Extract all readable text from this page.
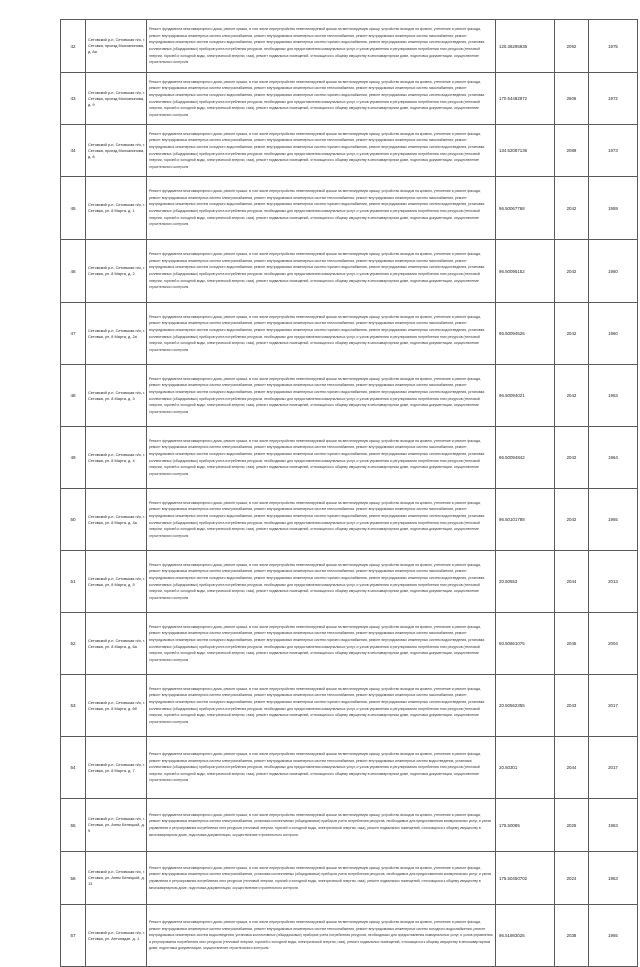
42	Сетовский р-н, Сетовская п/о, г. Сетовка, проезд Молчанинова, д. 8а	Ремонт фундамента многоквартирного дома, ремонт крыши, в том числе переустройство невентилируемой крыши на вентилируемую крышу, устройство выходов на кровлю, утепление и ремонт фасада, ремонт внутридомовых инженерных систем электроснабжения, ремонт внутридомовых инженерных систем теплоснабжения, ремонт внутридомовых инженерных систем газоснабжения, ремонт внутридомовых инженерных систем холодного водоснабжения, ремонт внутридомовых инженерных систем горячего водоснабжения, ремонт внутридомовых инженерных систем водоотведения, установка коллективных (общедомовых) приборов учета потребления ресурсов, необходимых для предоставления коммунальных услуг, и узлов управления и регулирования потребления этих ресурсов (тепловой энергии, горячей и холодной воды, электрической энергии, газа), ремонт подвальных помещений, относящихся к общему имуществу в многоквартирном доме, подготовка документации, осуществление строительного контроля	120.36295935	2092	1975
43	Сетовский р-н, Сетовская п/о, г. Сетовка, проезд Молчанинова, д. 9	Ремонт фундамента многоквартирного дома, ремонт крыши, в том числе переустройство невентилируемой крыши на вентилируемую крышу, устройство выходов на кровлю, утепление и ремонт фасада, ремонт внутридомовых инженерных систем электроснабжения, ремонт внутридомовых инженерных систем теплоснабжения, ремонт внутридомовых инженерных систем газоснабжения, ремонт внутридомовых инженерных систем холодного водоснабжения, ремонт внутридомовых инженерных систем горячего водоснабжения, ремонт внутридомовых инженерных систем водоотведения, установка коллективных (общедомовых) приборов учета потребления ресурсов, необходимых для предоставления коммунальных услуг, и узлов управления и регулирования потребления этих ресурсов (тепловой энергии, горячей и холодной воды, электрической энергии, газа), ремонт подвальных помещений, относящихся к общему имуществу в многоквартирном доме, подготовка документации, осуществление строительного контроля	170.54482972	2606	1972
44	Сетовский р-н, Сетовская п/о, г. Сетовка, проезд Молчанинова, д. 8	Ремонт фундамента многоквартирного дома, ремонт крыши, в том числе переустройство невентилируемой крыши на вентилируемую крышу, устройство выходов на кровлю, утепление и ремонт фасада, ремонт внутридомовых инженерных систем электроснабжения, ремонт внутридомовых инженерных систем теплоснабжения, ремонт внутридомовых инженерных систем газоснабжения, ремонт внутридомовых инженерных систем холодного водоснабжения, ремонт внутридомовых инженерных систем горячего водоснабжения, ремонт внутридомовых инженерных систем водоотведения, установка коллективных (общедомовых) приборов учета потребления ресурсов, необходимых для предоставления коммунальных услуг, и узлов управления и регулирования потребления этих ресурсов (тепловой энергии, горячей и холодной воды, электрической энергии, газа), ремонт подвальных помещений, относящихся к общему имуществу в многоквартирном доме, подготовка документации, осуществление строительного контроля	134.52087136	2089	1973
45	Сетовский р-н, Сетовская п/о, г. Сетовка, ул. 8 Марта, д. 1	Ремонт фундамента многоквартирного дома, ремонт крыши, в том числе переустройство невентилируемой крыши на вентилируемую крышу, устройство выходов на кровлю, утепление и ремонт фасада, ремонт внутридомовых инженерных систем электроснабжения, ремонт внутридомовых инженерных систем теплоснабжения, ремонт внутридомовых инженерных систем газоснабжения, ремонт внутридомовых инженерных систем холодного водоснабжения, ремонт внутридомовых инженерных систем горячего водоснабжения, ремонт внутридомовых инженерных систем водоотведения, установка коллективных (общедомовых) приборов учета потребления ресурсов, необходимых для предоставления коммунальных услуг, и узлов управления и регулирования потребления этих ресурсов (тепловой энергии, горячей и холодной воды, электрической энергии, газа), ремонт подвальных помещений, относящихся к общему имуществу в многоквартирном доме, подготовка документации, осуществление строительного контроля	96.50067768	2042	1959
46	Сетовский р-н, Сетовская п/о, г. Сетовка, ул. 8 Марта, д. 2	Ремонт фундамента многоквартирного дома, ремонт крыши, в том числе переустройство невентилируемой крыши на вентилируемую крышу, устройство выходов на кровлю, утепление и ремонт фасада, ремонт внутридомовых инженерных систем электроснабжения, ремонт внутридомовых инженерных систем теплоснабжения, ремонт внутридомовых инженерных систем газоснабжения, ремонт внутридомовых инженерных систем холодного водоснабжения, ремонт внутридомовых инженерных систем горячего водоснабжения, ремонт внутридомовых инженерных систем водоотведения, установка коллективных (общедомовых) приборов учета потребления ресурсов, необходимых для предоставления коммунальных услуг, и узлов управления и регулирования потребления этих ресурсов (тепловой энергии, горячей и холодной воды, электрической энергии, газа), ремонт подвальных помещений, относящихся к общему имуществу в многоквартирном доме, подготовка документации, осуществление строительного контроля	96.50095152	2042	1960
47	Сетовский р-н, Сетовская п/о, г. Сетовка, ул. 8 Марта, д. 2а	Ремонт фундамента многоквартирного дома, ремонт крыши, в том числе переустройство невентилируемой крыши на вентилируемую крышу, устройство выходов на кровлю, утепление и ремонт фасада, ремонт внутридомовых инженерных систем электроснабжения, ремонт внутридомовых инженерных систем теплоснабжения, ремонт внутридомовых инженерных систем газоснабжения, ремонт внутридомовых инженерных систем холодного водоснабжения, ремонт внутридомовых инженерных систем горячего водоснабжения, ремонт внутридомовых инженерных систем водоотведения, установка коллективных (общедомовых) приборов учета потребления ресурсов, необходимых для предоставления коммунальных услуг, и узлов управления и регулирования потребления этих ресурсов (тепловой энергии, горячей и холодной воды, электрической энергии, газа), ремонт подвальных помещений, относящихся к общему имуществу в многоквартирном доме, подготовка документации, осуществление строительного контроля	96.50094526	2042	1960
48	Сетовский р-н, Сетовская п/о, г. Сетовка, ул. 8 Марта, д. 3	Ремонт фундамента многоквартирного дома, ремонт крыши, в том числе переустройство невентилируемой крыши на вентилируемую крышу, устройство выходов на кровлю, утепление и ремонт фасада, ремонт внутридомовых инженерных систем электроснабжения, ремонт внутридомовых инженерных систем теплоснабжения, ремонт внутридомовых инженерных систем газоснабжения, ремонт внутридомовых инженерных систем холодного водоснабжения, ремонт внутридомовых инженерных систем горячего водоснабжения, ремонт внутридомовых инженерных систем водоотведения, установка коллективных (общедомовых) приборов учета потребления ресурсов, необходимых для предоставления коммунальных услуг, и узлов управления и регулирования потребления этих ресурсов (тепловой энергии, горячей и холодной воды, электрической энергии, газа), ремонт подвальных помещений, относящихся к общему имуществу в многоквартирном доме, подготовка документации, осуществление строительного контроля	96.50094021	2042	1963
49	Сетовский р-н, Сетовская п/о, г. Сетовка, ул. 8 Марта, д. 4	Ремонт фундамента многоквартирного дома, ремонт крыши, в том числе переустройство невентилируемой крыши на вентилируемую крышу, устройство выходов на кровлю, утепление и ремонт фасада, ремонт внутридомовых инженерных систем электроснабжения, ремонт внутридомовых инженерных систем теплоснабжения, ремонт внутридомовых инженерных систем газоснабжения, ремонт внутридомовых инженерных систем холодного водоснабжения, ремонт внутридомовых инженерных систем горячего водоснабжения, ремонт внутридомовых инженерных систем водоотведения, установка коллективных (общедомовых) приборов учета потребления ресурсов, необходимых для предоставления коммунальных услуг, и узлов управления и регулирования потребления этих ресурсов (тепловой энергии, горячей и холодной воды, электрической энергии, газа), ремонт подвальных помещений, относящихся к общему имуществу в многоквартирном доме, подготовка документации, осуществление строительного контроля	96.50094842	2042	1964
50	Сетовский р-н, Сетовская п/о, г. Сетовка, ул. 8 Марта, д. 4а	Ремонт фундамента многоквартирного дома, ремонт крыши, в том числе переустройство невентилируемой крыши на вентилируемую крышу, устройство выходов на кровлю, утепление и ремонт фасада, ремонт внутридомовых инженерных систем электроснабжения, ремонт внутридомовых инженерных систем теплоснабжения, ремонт внутридомовых инженерных систем газоснабжения, ремонт внутридомовых инженерных систем холодного водоснабжения, ремонт внутридомовых инженерных систем горячего водоснабжения, ремонт внутридомовых инженерных систем водоотведения, установка коллективных (общедомовых) приборов учета потребления ресурсов, необходимых для предоставления коммунальных услуг, и узлов управления и регулирования потребления этих ресурсов (тепловой энергии, горячей и холодной воды, электрической энергии, газа), ремонт подвальных помещений, относящихся к общему имуществу в многоквартирном доме, подготовка документации, осуществление строительного контроля	96.50101788	2042	1965
51	Сетовский р-н, Сетовская п/о, г. Сетовка, ул. 8 Марта, д. 5	Ремонт фундамента многоквартирного дома, ремонт крыши, в том числе переустройство невентилируемой крыши на вентилируемую крышу, устройство выходов на кровлю, утепление и ремонт фасада, ремонт внутридомовых инженерных систем электроснабжения, ремонт внутридомовых инженерных систем теплоснабжения, ремонт внутридомовых инженерных систем газоснабжения, ремонт внутридомовых инженерных систем холодного водоснабжения, ремонт внутридомовых инженерных систем горячего водоснабжения, ремонт внутридомовых инженерных систем водоотведения, установка коллективных (общедомовых) приборов учета потребления ресурсов, необходимых для предоставления коммунальных услуг, и узлов управления и регулирования потребления этих ресурсов (тепловой энергии, горячей и холодной воды, электрической энергии, газа), ремонт подвальных помещений, относящихся к общему имуществу в многоквартирном доме, подготовка документации, осуществление строительного контроля	20.50553	2044	2013
52	Сетовский р-н, Сетовская п/о, г. Сетовка, ул. 8 Марта, д. 6а	Ремонт фундамента многоквартирного дома, ремонт крыши, в том числе переустройство невентилируемой крыши на вентилируемую крышу, устройство выходов на кровлю, утепление и ремонт фасада, ремонт внутридомовых инженерных систем электроснабжения, ремонт внутридомовых инженерных систем теплоснабжения, ремонт внутридомовых инженерных систем газоснабжения, ремонт внутридомовых инженерных систем холодного водоснабжения, ремонт внутридомовых инженерных систем горячего водоснабжения, ремонт внутридомовых инженерных систем водоотведения, установка коллективных (общедомовых) приборов учета потребления ресурсов, необходимых для предоставления коммунальных услуг, и узлов управления и регулирования потребления этих ресурсов (тепловой энергии, горячей и холодной воды, электрической энергии, газа), ремонт подвальных помещений, относящихся к общему имуществу в многоквартирном доме, подготовка документации, осуществление строительного контроля	50.50661075	2045	2004
53	Сетовский р-н, Сетовская п/о, г. Сетовка, ул. 8 Марта, д. 6б	Ремонт фундамента многоквартирного дома, ремонт крыши, в том числе переустройство невентилируемой крыши на вентилируемую крышу, устройство выходов на кровлю, утепление и ремонт фасада, ремонт внутридомовых инженерных систем электроснабжения, ремонт внутридомовых инженерных систем теплоснабжения, ремонт внутридомовых инженерных систем газоснабжения, ремонт внутридомовых инженерных систем холодного водоснабжения, ремонт внутридомовых инженерных систем горячего водоснабжения, ремонт внутридомовых инженерных систем водоотведения, установка коллективных (общедомовых) приборов учета потребления ресурсов, необходимых для предоставления коммунальных услуг, и узлов управления и регулирования потребления этих ресурсов (тепловой энергии, горячей и холодной воды, электрической энергии, газа), ремонт подвальных помещений, относящихся к общему имуществу в многоквартирном доме, подготовка документации, осуществление строительного контроля	20.50562355	2043	2017
54	Сетовский р-н, Сетовская п/о, г. Сетовка, ул. 8 Марта, д. 7	Ремонт фундамента многоквартирного дома, ремонт крыши, в том числе переустройство невентилируемой крыши на вентилируемую крышу, устройство выходов на кровлю, утепление и ремонт фасада, ремонт внутридомовых инженерных систем электроснабжения, ремонт внутридомовых инженерных систем теплоснабжения, ремонт внутридомовых инженерных систем водоотведения, установка коллективных (общедомовых) приборов учета потребления ресурсов, необходимых для предоставления коммунальных услуг, и узлов управления и регулирования потребления этих ресурсов (тепловой энергии, горячей и холодной воды, электрической энергии, газа), ремонт подвальных помещений, относящихся к общему имуществу в многоквартирном доме, подготовка документации, осуществление строительного контроля	20.50301	2044	2017
55	Сетовский р-н, Сетовская п/о, г. Сетовка, ул. Анны Белецкой, д. 9	Ремонт фундамента многоквартирного дома, ремонт крыши, в том числе переустройство невентилируемой крыши на вентилируемую крышу, устройство выходов на кровлю, утепление и ремонт фасада, ремонт внутридомовых инженерных систем электроснабжения, установка коллективных (общедомовых) приборов учета потребления ресурсов, необходимых для предоставления коммунальных услуг, и узлов управления и регулирования потребления этих ресурсов (тепловой энергии, горячей и холодной воды, электрической энергии, газа), ремонт подвальных помещений, относящихся к общему имуществу в многоквартирном доме, подготовка документации, осуществление строительного контроля	175.50085	2025	1963
56	Сетовский р-н, Сетовская п/о, г. Сетовка, ул. Анны Белецкой, д. 13	Ремонт фундамента многоквартирного дома, ремонт крыши, в том числе переустройство невентилируемой крыши на вентилируемую крышу, устройство выходов на кровлю, утепление и ремонт фасада, ремонт внутридомовых инженерных систем электроснабжения, установка коллективных (общедомовых) приборов учета потребления ресурсов, необходимых для предоставления коммунальных услуг, и узлов управления и регулирования потребления этих ресурсов (тепловой энергии, горячей и холодной воды, электрической энергии, газа), ремонт подвальных помещений, относящихся к общему имуществу в многоквартирном доме, подготовка документации, осуществление строительного контроля	175.50450702	2024	1963
57	Сетовский р-н, Сетовская п/о, г. Сетовка, ул. Антонадзе, д. 1	Ремонт фундамента многоквартирного дома, ремонт крыши, в том числе переустройство невентилируемой крыши на вентилируемую крышу, устройство выходов на кровлю, утепление и ремонт фасада, ремонт внутридомовых инженерных систем электроснабжения, ремонт внутридомовых инженерных систем теплоснабжения, ремонт внутридомовых инженерных систем холодного водоснабжения, ремонт внутридомовых инженерных систем водоотведения, установка коллективных (общедомовых) приборов учета потребления ресурсов, необходимых для предоставления коммунальных услуг, и узлов управления и регулирования потребления этих ресурсов (тепловой энергии, горячей и холодной воды, электрической энергии, газа), ремонт подвальных помещений, относящихся к общему имуществу в многоквартирном доме, подготовка документации, осуществление строительного контроля	96.51983026	2038	1965
